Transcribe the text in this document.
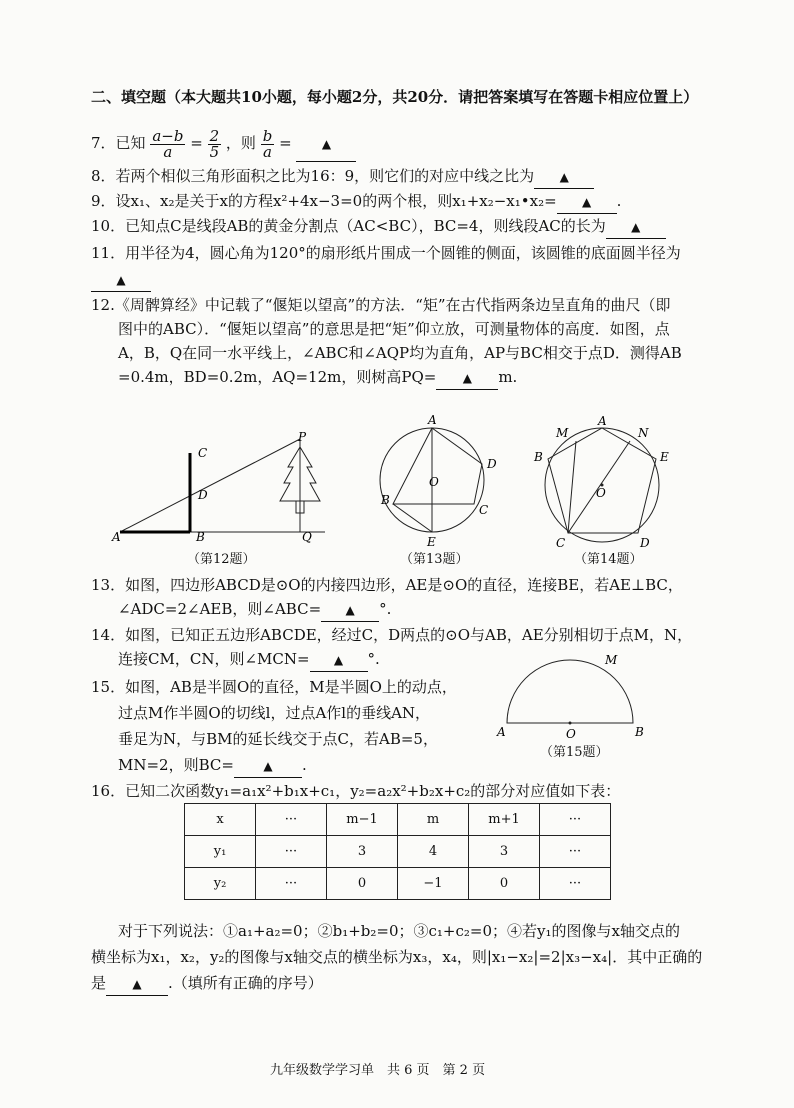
二、填空题（本大题共10小题，每小题2分，共20分．请把答案填写在答题卡相应位置上）
7．已知 $\frac{a-b}{a} = \frac{2}{5}$ ，则 $\frac{b}{a}$ =	▲
8．若两个相似三角形面积之比为16：9，则它们的对应中线之比为 ▲
9．设x₁、x₂是关于x的方程x²+4x−3=0的两个根，则x₁+x₂−x₁•x₂= ▲ .
10．已知点C是线段AB的黄金分割点（AC<BC），BC=4，则线段AC的长为 ▲
11．用半径为4，圆心角为120°的扇形纸片围成一个圆锥的侧面，该圆锥的底面圆半径为
▲
12.《周髀算经》中记载了“偃矩以望高”的方法．“矩”在古代指两条边呈直角的曲尺（即
图中的ABC）．“偃矩以望高”的意思是把“矩”仰立放，可测量物体的高度．如图，点
A，B，Q在同一水平线上，∠ABC和∠AQP均为直角，AP与BC相交于点D．测得AB
=0.4m，BD=0.2m，AQ=12m，则树高PQ= ▲ m.
A	B
C
D
P
Q
（第12题）
A
B
C
D
E
O
（第13题）
M	N
A
B
C	D
E
O
（第14题）
13．如图，四边形ABCD是⊙O的内接四边形，AE是⊙O的直径，连接BE，若AE⊥BC，
∠ADC=2∠AEB，则∠ABC= ▲ °.
14．如图，已知正五边形ABCDE，经过C，D两点的⊙O与AB，AE分别相切于点M，N，
连接CM，CN，则∠MCN= ▲ °.
15．如图，AB是半圆O的直径，M是半圆O上的动点，
过点M作半圆O的切线l，过点A作l的垂线AN，
垂足为N，与BM的延长线交于点C，若AB=5，
MN=2，则BC= ▲ .
A	B
M
O
（第15题）
16．已知二次函数y₁=a₁x²+b₁x+c₁，y₂=a₂x²+b₂x+c₂的部分对应值如下表：
x	···	m−1	m	m+1	···
y₁	···	3	4	3	···
y₂	···	0	−1	0	···
对于下列说法：①a₁+a₂=0；②b₁+b₂=0；③c₁+c₂=0；④若y₁的图像与x轴交点的
横坐标为x₁，x₂，y₂的图像与x轴交点的横坐标为x₃，x₄，则|x₁−x₂|=2|x₃−x₄|．其中正确的
是 ▲ .（填所有正确的序号）
九年级数学学习单　共 6 页　第 2 页
